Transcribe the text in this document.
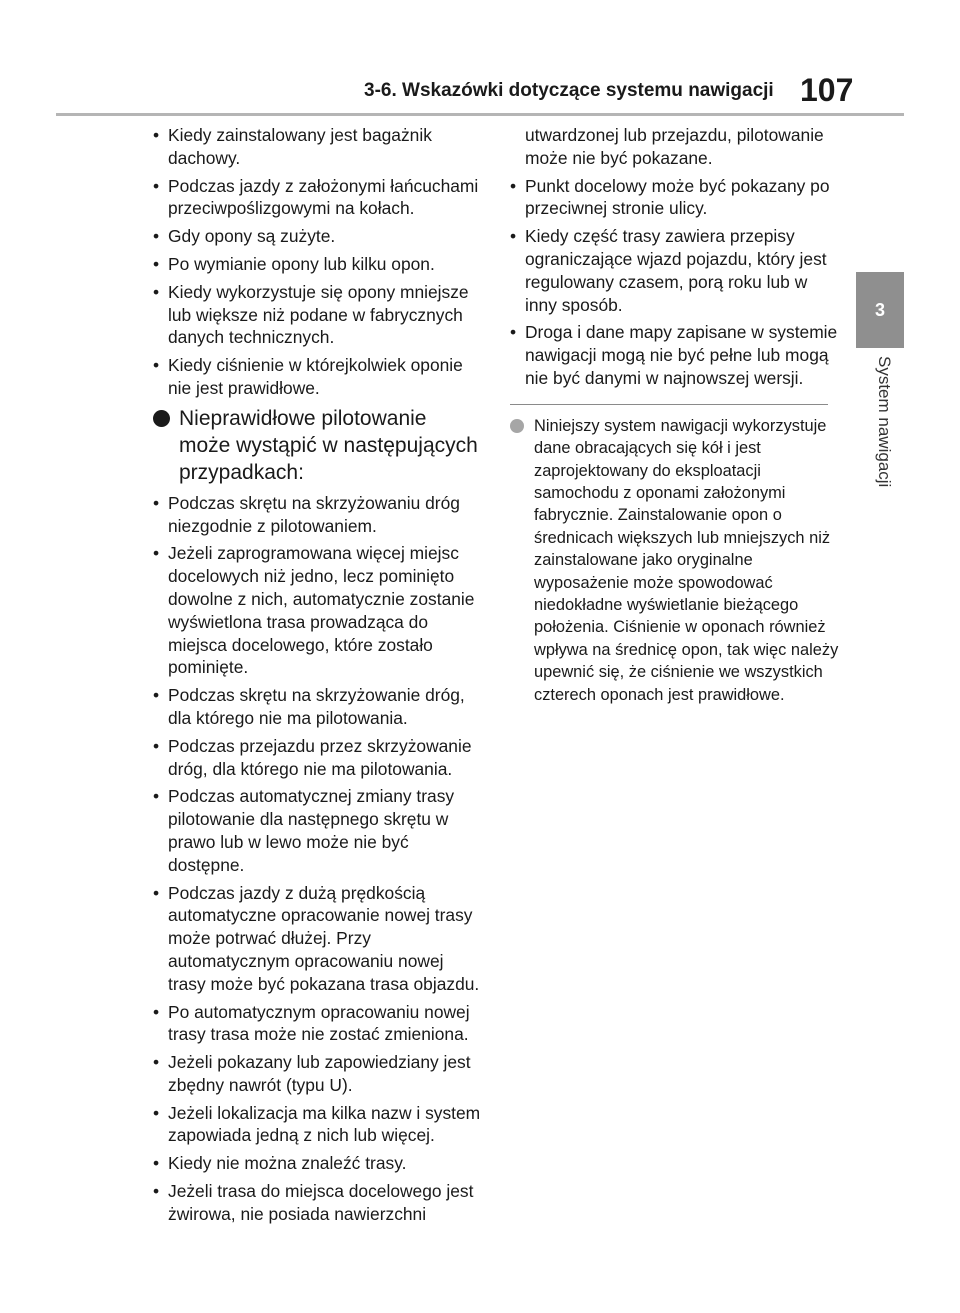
3-6. Wskazówki dotyczące systemu nawigacji 107
3
System nawigacji
• Kiedy zainstalowany jest bagażnik dachowy.
• Podczas jazdy z założonymi łańcuchami przeciwpoślizgowymi na kołach.
• Gdy opony są zużyte.
• Po wymianie opony lub kilku opon.
• Kiedy wykorzystuje się opony mniejsze lub większe niż podane w fabrycznych danych technicznych.
• Kiedy ciśnienie w którejkolwiek oponie nie jest prawidłowe.
Nieprawidłowe pilotowanie może wystąpić w następujących przypadkach:
• Podczas skrętu na skrzyżowaniu dróg niezgodnie z pilotowaniem.
• Jeżeli zaprogramowana więcej miejsc docelowych niż jedno, lecz pominięto dowolne z nich, automatycznie zostanie wyświetlona trasa prowadząca do miejsca docelowego, które zostało pominięte.
• Podczas skrętu na skrzyżowanie dróg, dla którego nie ma pilotowania.
• Podczas przejazdu przez skrzyżowanie dróg, dla którego nie ma pilotowania.
• Podczas automatycznej zmiany trasy pilotowanie dla następnego skrętu w prawo lub w lewo może nie być dostępne.
• Podczas jazdy z dużą prędkością automatyczne opracowanie nowej trasy może potrwać dłużej. Przy automatycznym opracowaniu nowej trasy może być pokazana trasa objazdu.
• Po automatycznym opracowaniu nowej trasy trasa może nie zostać zmieniona.
• Jeżeli pokazany lub zapowiedziany jest zbędny nawrót (typu U).
• Jeżeli lokalizacja ma kilka nazw i system zapowiada jedną z nich lub więcej.
• Kiedy nie można znaleźć trasy.
• Jeżeli trasa do miejsca docelowego jest żwirowa, nie posiada nawierzchni
utwardzonej lub przejazdu, pilotowanie może nie być pokazane.
• Punkt docelowy może być pokazany po przeciwnej stronie ulicy.
• Kiedy część trasy zawiera przepisy ograniczające wjazd pojazdu, który jest regulowany czasem, porą roku lub w inny sposób.
• Droga i dane mapy zapisane w systemie nawigacji mogą nie być pełne lub mogą nie być danymi w najnowszej wersji.
Niniejszy system nawigacji wykorzystuje dane obracających się kół i jest zaprojektowany do eksploatacji samochodu z oponami założonymi fabrycznie. Zainstalowanie opon o średnicach większych lub mniejszych niż zainstalowane jako oryginalne wyposażenie może spowodować niedokładne wyświetlanie bieżącego położenia. Ciśnienie w oponach również wpływa na średnicę opon, tak więc należy upewnić się, że ciśnienie we wszystkich czterech oponach jest prawidłowe.
